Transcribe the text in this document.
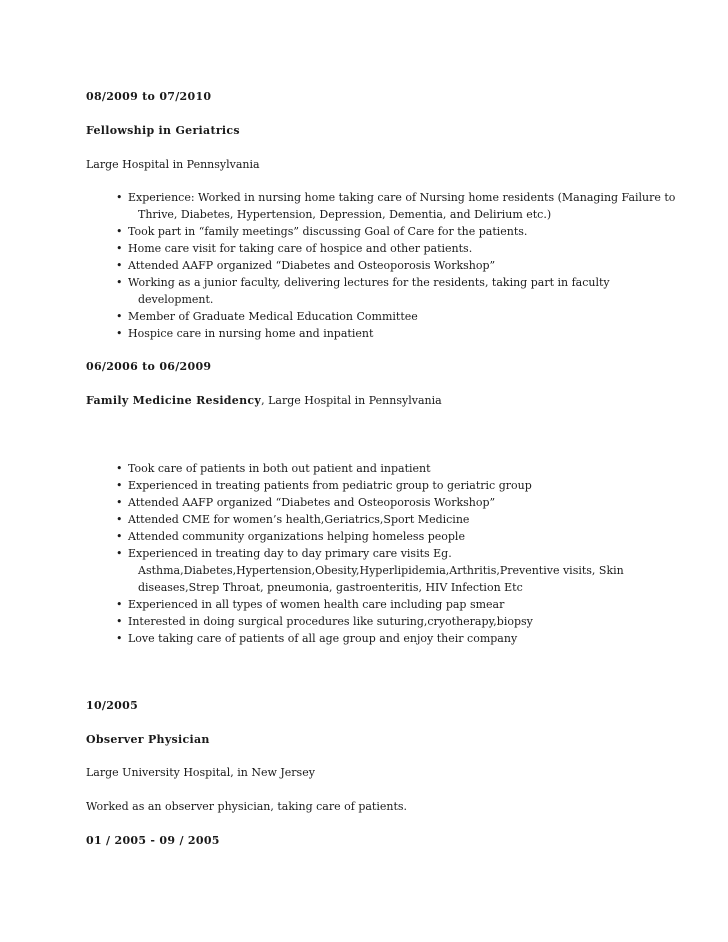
08/2009 to 07/2010
Fellowship in Geriatrics
Large Hospital in Pennsylvania
• Experience: Worked in nursing home taking care of Nursing home residents (Managing Failure to
Thrive, Diabetes, Hypertension, Depression, Dementia, and Delirium etc.)
• Took part in “family meetings” discussing Goal of Care for the patients.
• Home care visit for taking care of hospice and other patients.
• Attended AAFP organized “Diabetes and Osteoporosis Workshop”
• Working as a junior faculty, delivering lectures for the residents, taking part in faculty
development.
• Member of Graduate Medical Education Committee
• Hospice care in nursing home and inpatient
06/2006 to 06/2009
Family Medicine Residency, Large Hospital in Pennsylvania
• Took care of patients in both out patient and inpatient
• Experienced in treating patients from pediatric group to geriatric group
• Attended AAFP organized “Diabetes and Osteoporosis Workshop”
• Attended CME for women’s health,Geriatrics,Sport Medicine
• Attended community organizations helping homeless people
• Experienced in treating day to day primary care visits Eg.
Asthma,Diabetes,Hypertension,Obesity,Hyperlipidemia,Arthritis,Preventive visits, Skin
diseases,Strep Throat, pneumonia, gastroenteritis, HIV Infection Etc
• Experienced in all types of women health care including pap smear
• Interested in doing surgical procedures like suturing,cryotherapy,biopsy
• Love taking care of patients of all age group and enjoy their company
10/2005
Observer Physician
Large University Hospital, in New Jersey
Worked as an observer physician, taking care of patients.
01 / 2005 - 09 / 2005
